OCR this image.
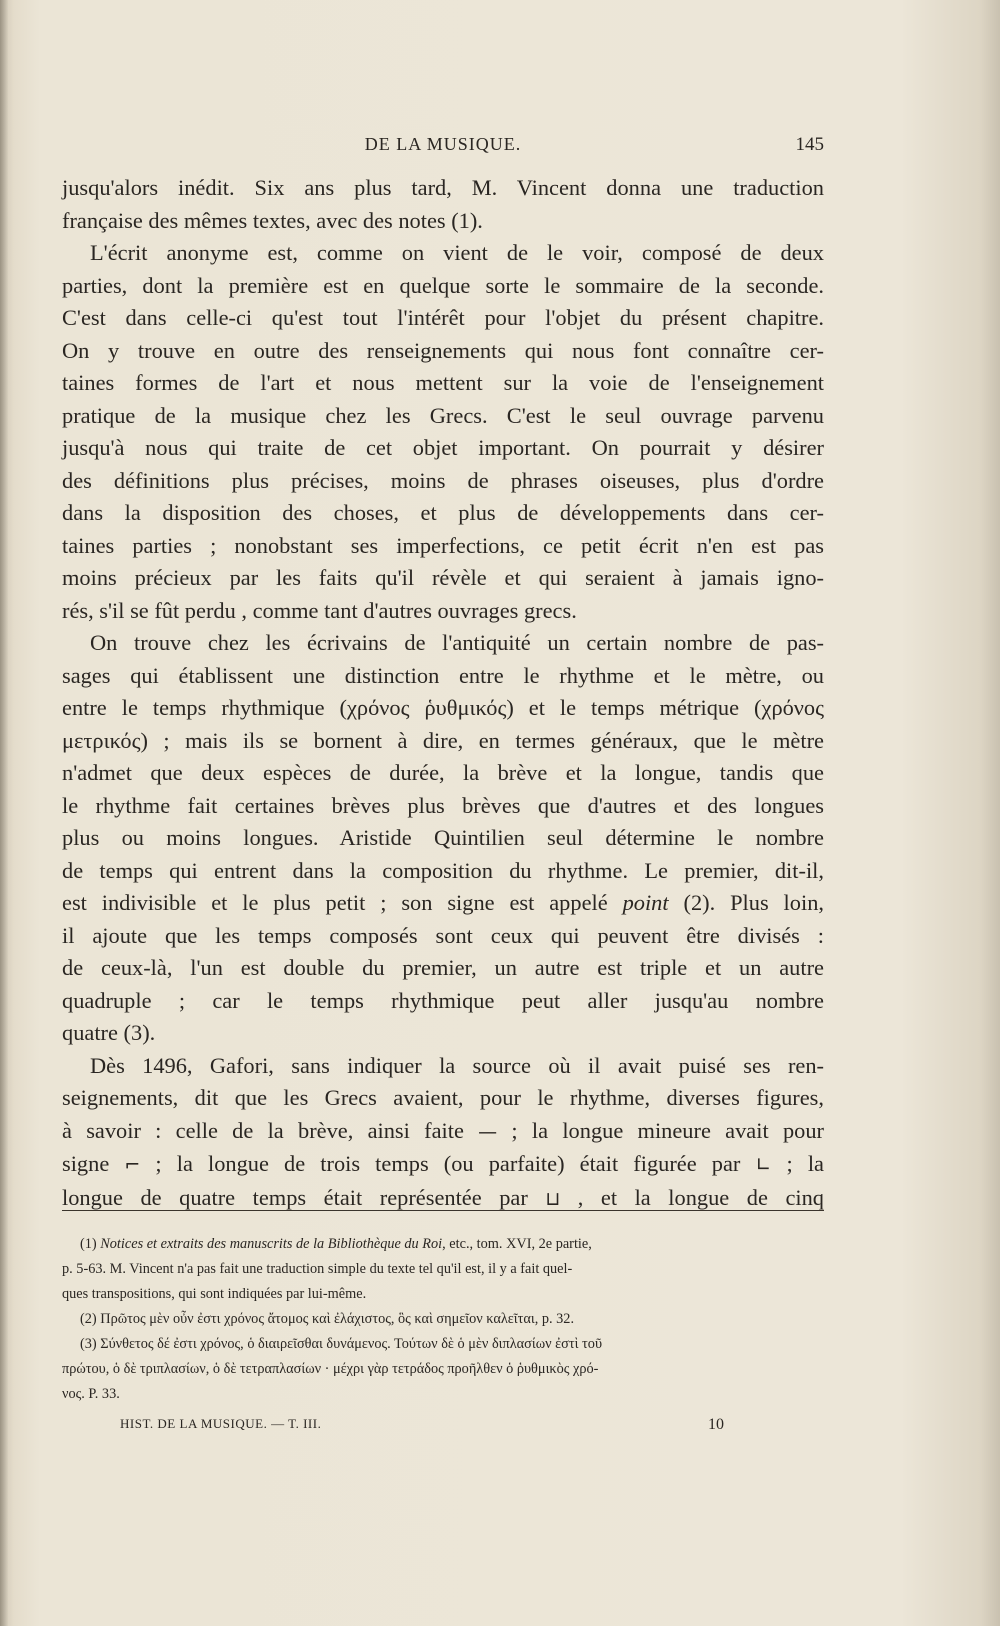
DE LA MUSIQUE.	145

jusqu'alors inédit. Six ans plus tard, M. Vincent donna une traduction

française des mêmes textes, avec des notes (1).

L'écrit anonyme est, comme on vient de le voir, composé de deux

parties, dont la première est en quelque sorte le sommaire de la seconde.

C'est dans celle-ci qu'est tout l'intérêt pour l'objet du présent chapitre.

On y trouve en outre des renseignements qui nous font connaître cer-

taines formes de l'art et nous mettent sur la voie de l'enseignement

pratique de la musique chez les Grecs. C'est le seul ouvrage parvenu

jusqu'à nous qui traite de cet objet important. On pourrait y désirer

des définitions plus précises, moins de phrases oiseuses, plus d'ordre

dans la disposition des choses, et plus de développements dans cer-

taines parties ; nonobstant ses imperfections, ce petit écrit n'en est pas

moins précieux par les faits qu'il révèle et qui seraient à jamais igno-

rés, s'il se fût perdu , comme tant d'autres ouvrages grecs.

On trouve chez les écrivains de l'antiquité un certain nombre de pas-

sages qui établissent une distinction entre le rhythme et le mètre, ou

entre le temps rhythmique (χρόνος ῥυθμικός) et le temps métrique (χρόνος

μετρικός) ; mais ils se bornent à dire, en termes généraux, que le mètre

n'admet que deux espèces de durée, la brève et la longue, tandis que

le rhythme fait certaines brèves plus brèves que d'autres et des longues

plus ou moins longues. Aristide Quintilien seul détermine le nombre

de temps qui entrent dans la composition du rhythme. Le premier, dit-il,

est indivisible et le plus petit ; son signe est appelé point (2). Plus loin,

il ajoute que les temps composés sont ceux qui peuvent être divisés :

de ceux-là, l'un est double du premier, un autre est triple et un autre

quadruple ; car le temps rhythmique peut aller jusqu'au nombre

quatre (3).

Dès 1496, Gafori, sans indiquer la source où il avait puisé ses ren-

seignements, dit que les Grecs avaient, pour le rhythme, diverses figures,

à savoir : celle de la brève, ainsi faite — ; la longue mineure avait pour

signe ⌐ ; la longue de trois temps (ou parfaite) était figurée par ∟ ; la

longue de quatre temps était représentée par ⊔ , et la longue de cinq

(1) Notices et extraits des manuscrits de la Bibliothèque du Roi, etc., tom. XVI, 2e partie,

p. 5-63. M. Vincent n'a pas fait une traduction simple du texte tel qu'il est, il y a fait quel-

ques transpositions, qui sont indiquées par lui-même.

(2) Πρῶτος μὲν οὖν ἐστι χρόνος ἄτομος καὶ ἐλάχιστος, ὃς καὶ σημεῖον καλεῖται, p. 32.

(3) Σύνθετος δέ ἐστι χρόνος, ὁ διαιρεῖσθαι δυνάμενος. Τούτων δὲ ὁ μὲν διπλασίων ἐστὶ τοῦ

πρώτου, ὁ δὲ τριπλασίων, ὁ δὲ τετραπλασίων · μέχρι γὰρ τετράδος προῆλθεν ὁ ῥυθμικὸς χρό-

νος. P. 33.

HIST. DE LA MUSIQUE. — T. III.	10
